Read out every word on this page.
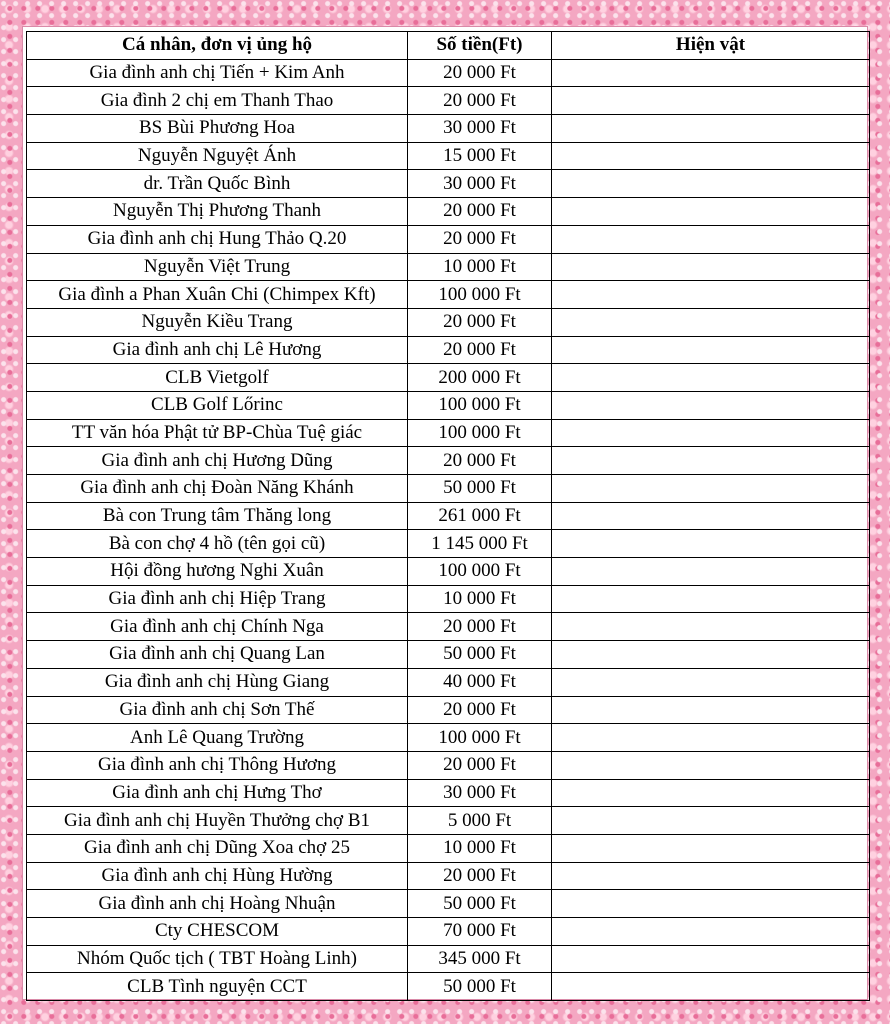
Cá nhân, đơn vị ủng hộ	Số tiền(Ft)	Hiện vật
Gia đình anh chị Tiến + Kim Anh	20 000 Ft	
Gia đình 2 chị em Thanh Thao	20 000 Ft	
BS Bùi Phương Hoa	30 000 Ft	
Nguyễn Nguyệt Ánh	15 000 Ft	
dr. Trần Quốc Bình	30 000 Ft	
Nguyễn Thị Phương Thanh	20 000 Ft	
Gia đình anh chị Hung Thảo Q.20	20 000 Ft	
Nguyễn Việt Trung	10 000 Ft	
Gia đình a Phan Xuân Chi (Chimpex Kft)	100 000 Ft	
Nguyễn Kiều Trang	20 000 Ft	
Gia đình anh chị Lê Hương	20 000 Ft	
CLB Vietgolf	200 000 Ft	
CLB Golf Lőrinc	100 000 Ft	
TT văn hóa Phật tử BP-Chùa Tuệ giác	100 000 Ft	
Gia đình anh chị Hương Dũng	20 000 Ft	
Gia đình anh chị Đoàn Năng Khánh	50 000 Ft	
Bà con Trung tâm Thăng long	261 000 Ft	
Bà con chợ 4 hồ (tên gọi cũ)	1 145 000 Ft	
Hội đồng hương Nghi Xuân	100 000 Ft	
Gia đình anh chị Hiệp Trang	10 000 Ft	
Gia đình anh chị Chính Nga	20 000 Ft	
Gia đình anh chị Quang Lan	50 000 Ft	
Gia đình anh chị Hùng Giang	40 000 Ft	
Gia đình anh chị Sơn Thế	20 000 Ft	
Anh Lê Quang Trường	100 000 Ft	
Gia đình anh chị Thông Hương	20 000 Ft	
Gia đình anh chị Hưng Thơ	30 000 Ft	
Gia đình anh chị Huyền Thưởng chợ B1	5 000 Ft	
Gia đình anh chị Dũng Xoa chợ 25	10 000 Ft	
Gia đình anh chị Hùng Hường	20 000 Ft	
Gia đình anh chị Hoàng Nhuận	50 000 Ft	
Cty CHESCOM	70 000 Ft	
Nhóm Quốc tịch ( TBT Hoàng Linh)	345 000 Ft	
CLB Tình nguyện CCT	50 000 Ft	
